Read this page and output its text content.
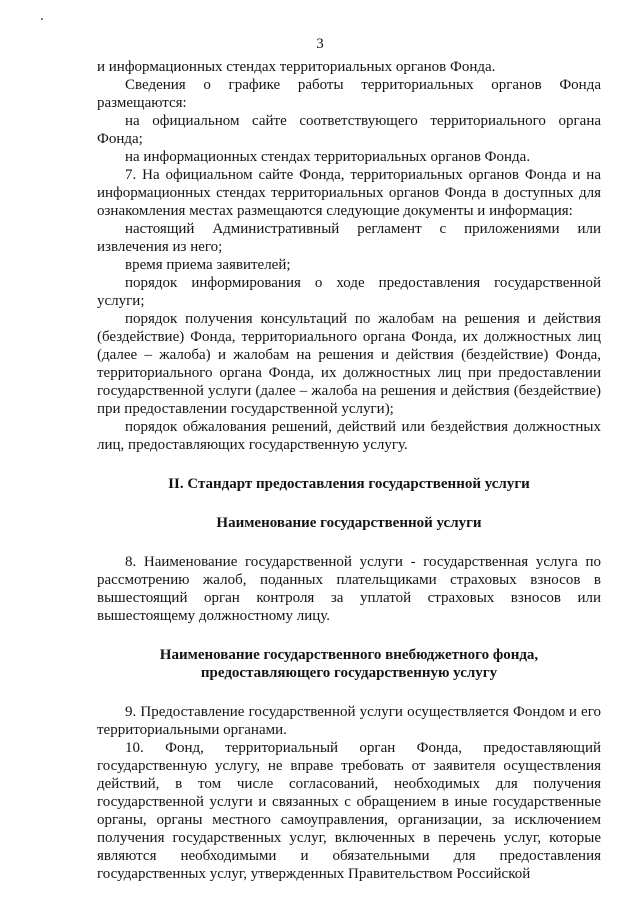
3

и информационных стендах территориальных органов Фонда.

Сведения о графике работы территориальных органов Фонда размещаются:

на официальном сайте соответствующего территориального органа Фонда;

на информационных стендах территориальных органов Фонда.

7. На официальном сайте Фонда, территориальных органов Фонда и на информационных стендах территориальных органов Фонда в доступных для ознакомления местах размещаются следующие документы и информация:

настоящий Административный регламент с приложениями или извлечения из него;

время приема заявителей;

порядок информирования о ходе предоставления государственной услуги;

порядок получения консультаций по жалобам на решения и действия (бездействие) Фонда, территориального органа Фонда, их должностных лиц (далее – жалоба) и жалобам на решения и действия (бездействие) Фонда, территориального органа Фонда, их должностных лиц при предоставлении государственной услуги (далее – жалоба на решения и действия (бездействие) при предоставлении государственной услуги);

порядок обжалования решений, действий или бездействия должностных лиц, предоставляющих государственную услугу.

II. Стандарт предоставления государственной услуги

Наименование государственной услуги

8. Наименование государственной услуги - государственная услуга по рассмотрению жалоб, поданных плательщиками страховых взносов в вышестоящий орган контроля за уплатой страховых взносов или вышестоящему должностному лицу.

Наименование государственного внебюджетного фонда,

предоставляющего государственную услугу

9. Предоставление государственной услуги осуществляется Фондом и его территориальными органами.

10. Фонд, территориальный орган Фонда, предоставляющий государственную услугу, не вправе требовать от заявителя осуществления действий, в том числе согласований, необходимых для получения государственной услуги и связанных с обращением в иные государственные органы, органы местного самоуправления, организации, за исключением получения государственных услуг, включенных в перечень услуг, которые являются необходимыми и обязательными для предоставления государственных услуг, утвержденных Правительством Российской
